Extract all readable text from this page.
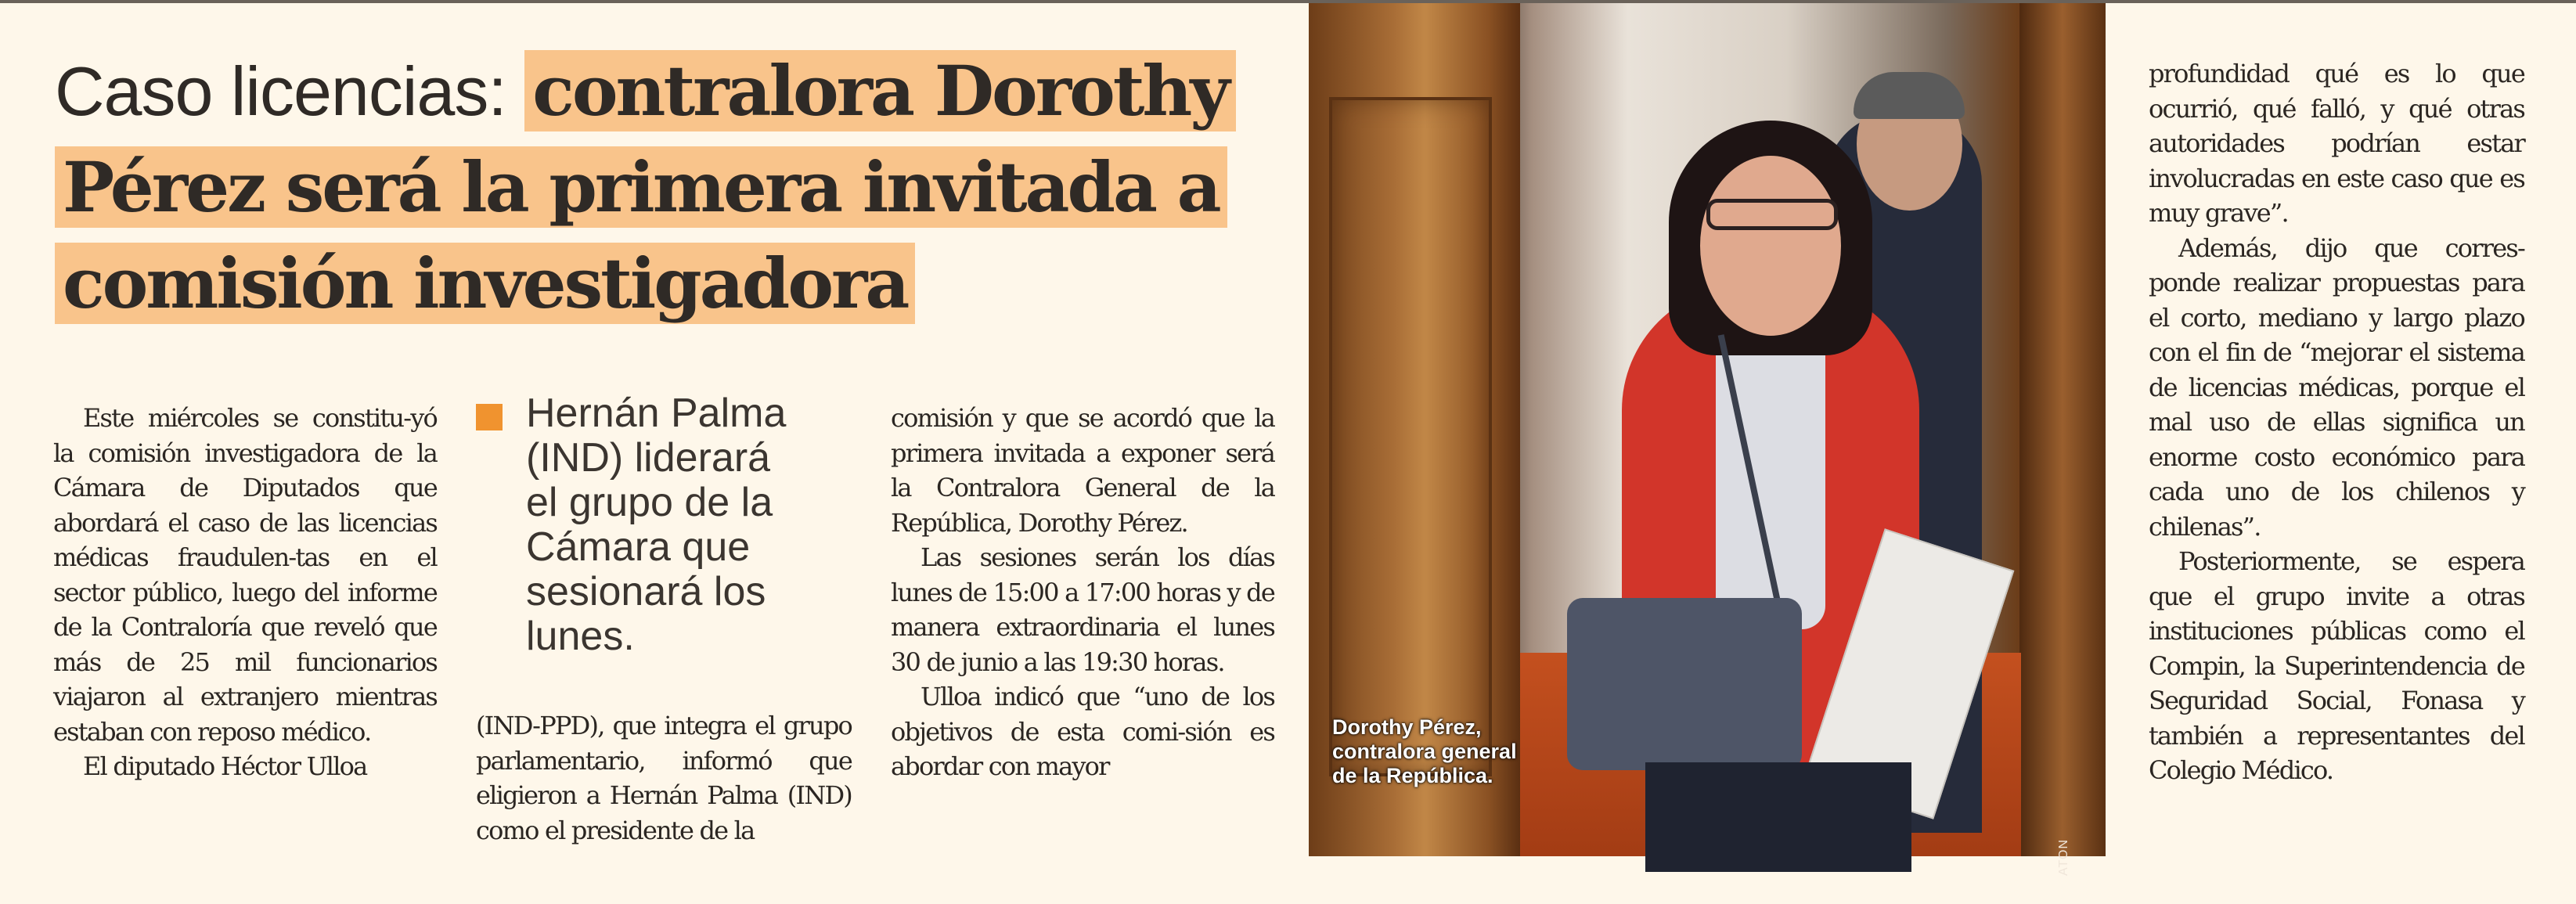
Caso licencias: contralora Dorothy Pérez será la primera invitada a comisión investigadora

Este miércoles se constitu-yó la comisión investigadora de la Cámara de Diputados que abordará el caso de las licencias médicas fraudulen-tas en el sector público, luego del informe de la Contraloría que reveló que más de 25 mil funcionarios viajaron al extranjero mientras estaban con reposo médico.

El diputado Héctor Ulloa

Hernán Palma (IND) liderará el grupo de la Cámara que sesionará los lunes.

(IND-PPD), que integra el grupo parlamentario, informó que eligieron a Hernán Palma (IND) como el presidente de la

comisión y que se acordó que la primera invitada a exponer será la Contralora General de la República, Dorothy Pérez.

Las sesiones serán los días lunes de 15:00 a 17:00 horas y de manera extraordinaria el lunes 30 de junio a las 19:30 horas.

Ulloa indicó que “uno de los objetivos de esta comi-sión es abordar con mayor

Dorothy Pérez, contralora general de la República.
ATON

profundidad qué es lo que ocurrió, qué falló, y qué otras autoridades podrían estar involucradas en este caso que es muy grave”.

Además, dijo que corres-ponde realizar propuestas para el corto, mediano y largo plazo con el fin de “mejorar el sistema de licencias médicas, porque el mal uso de ellas significa un enorme costo económico para cada uno de los chilenos y chilenas”.

Posteriormente, se espera que el grupo invite a otras instituciones públicas como el Compin, la Superintendencia de Seguridad Social, Fonasa y también a representantes del Colegio Médico.
